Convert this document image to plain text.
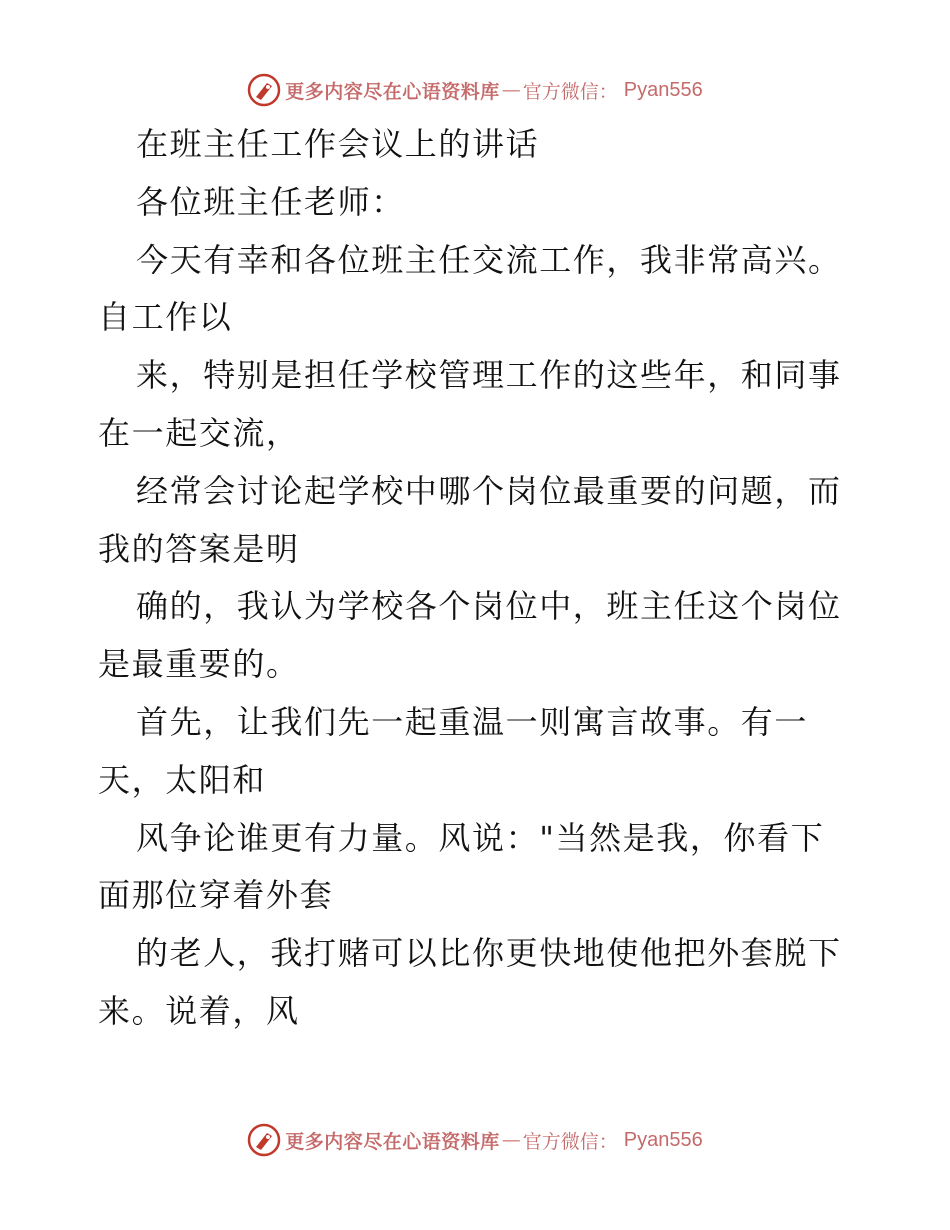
更多内容尽在心语资料库 — 官方微信： Pyan556
在班主任工作会议上的讲话
各位班主任老师：
今天有幸和各位班主任交流工作，我非常高兴。
自工作以
来，特别是担任学校管理工作的这些年，和同事
在一起交流，
经常会讨论起学校中哪个岗位最重要的问题，而
我的答案是明
确的，我认为学校各个岗位中，班主任这个岗位
是最重要的。
首先，让我们先一起重温一则寓言故事。有一
天，太阳和
风争论谁更有力量。风说："当然是我，你看下
面那位穿着外套
的老人，我打赌可以比你更快地使他把外套脱下
来。说着，风
更多内容尽在心语资料库 — 官方微信： Pyan556
